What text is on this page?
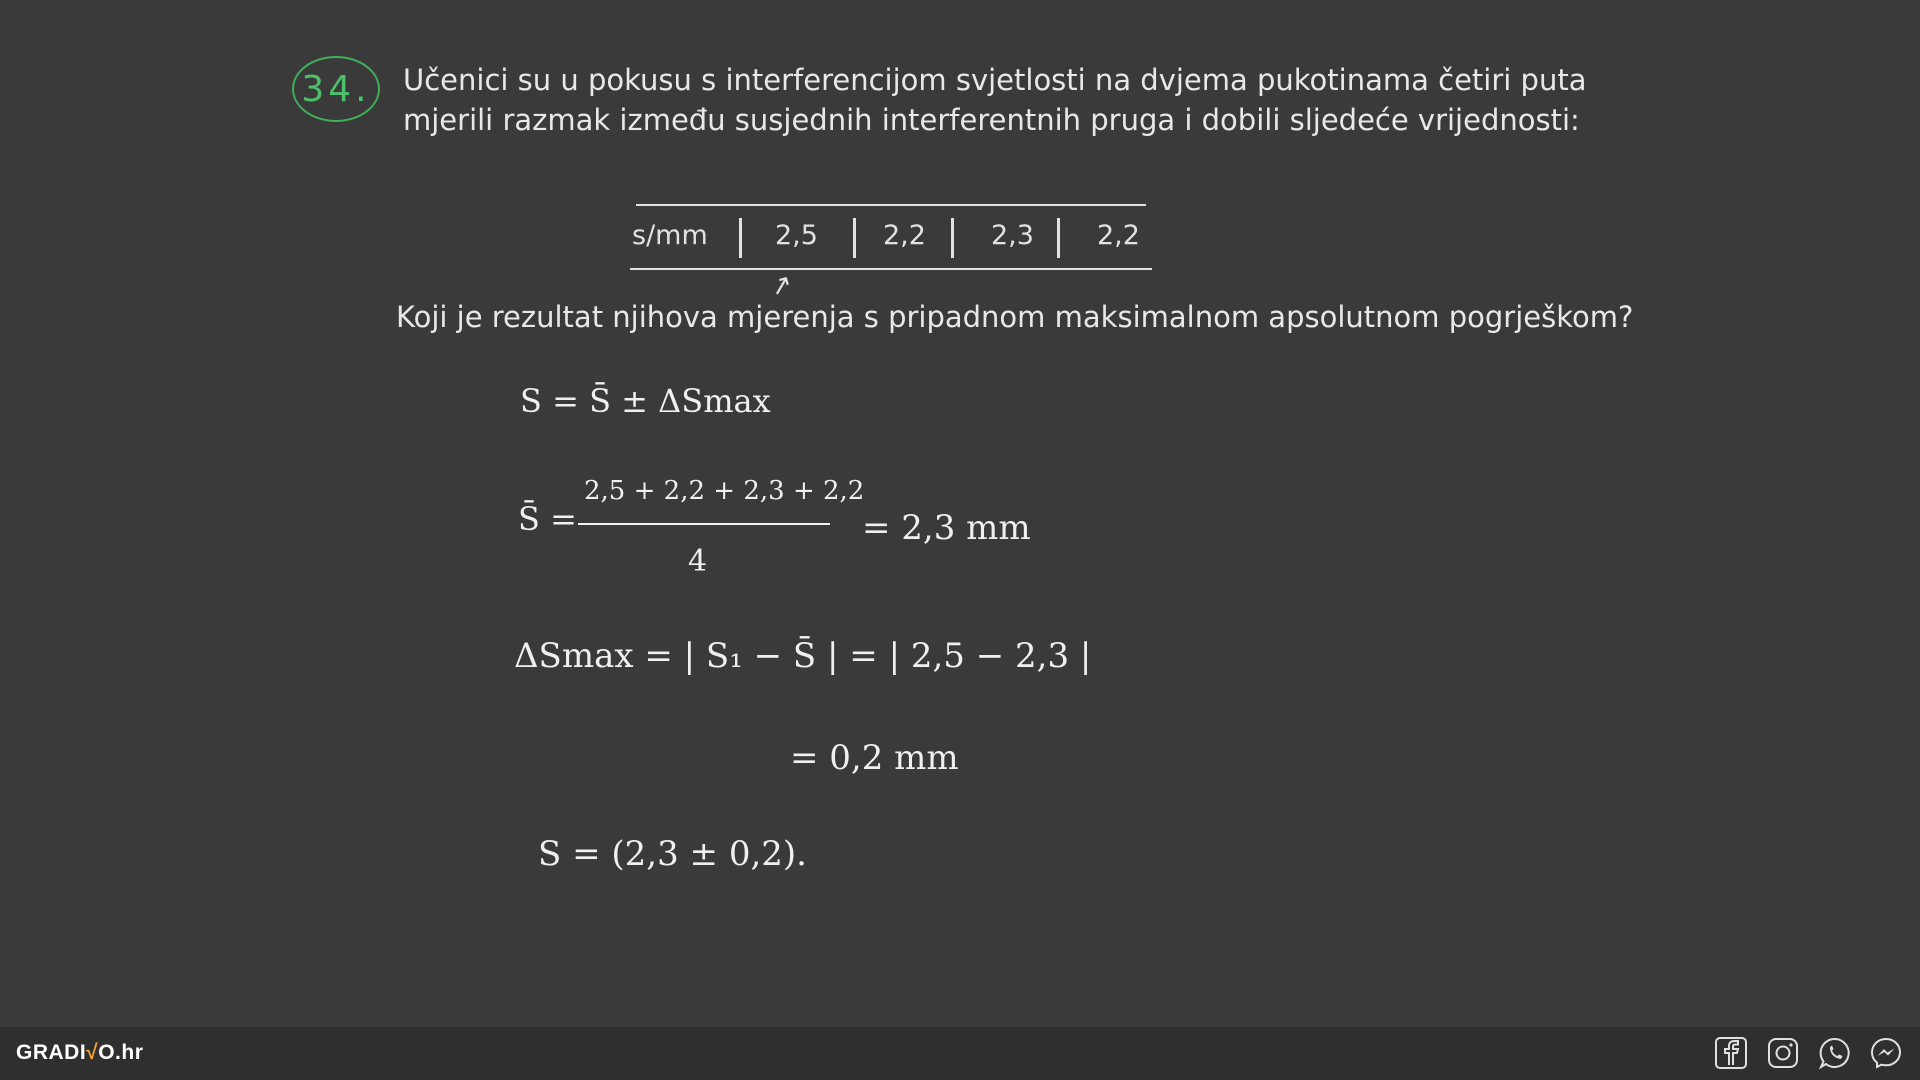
34.	Učenici su u pokusu s interferencijom svjetlosti na dvjema pukotinama četiri puta
mjerili razmak između susjednih interferentnih pruga i dobili sljedeće vrijednosti:
s/mm 2,5 2,2 2,3 2,2
↑
Koji je rezultat njihova mjerenja s pripadnom maksimalnom apsolutnom pogrješkom?
S = S̄ ± ΔSmax
S̄ =
2,5 + 2,2 + 2,3 + 2,2
4
= 2,3 mm
ΔSmax = | S₁ − S̄ | = | 2,5 − 2,3 |
= 0,2 mm
S = (2,3 ± 0,2).
GRADI√O.hr
